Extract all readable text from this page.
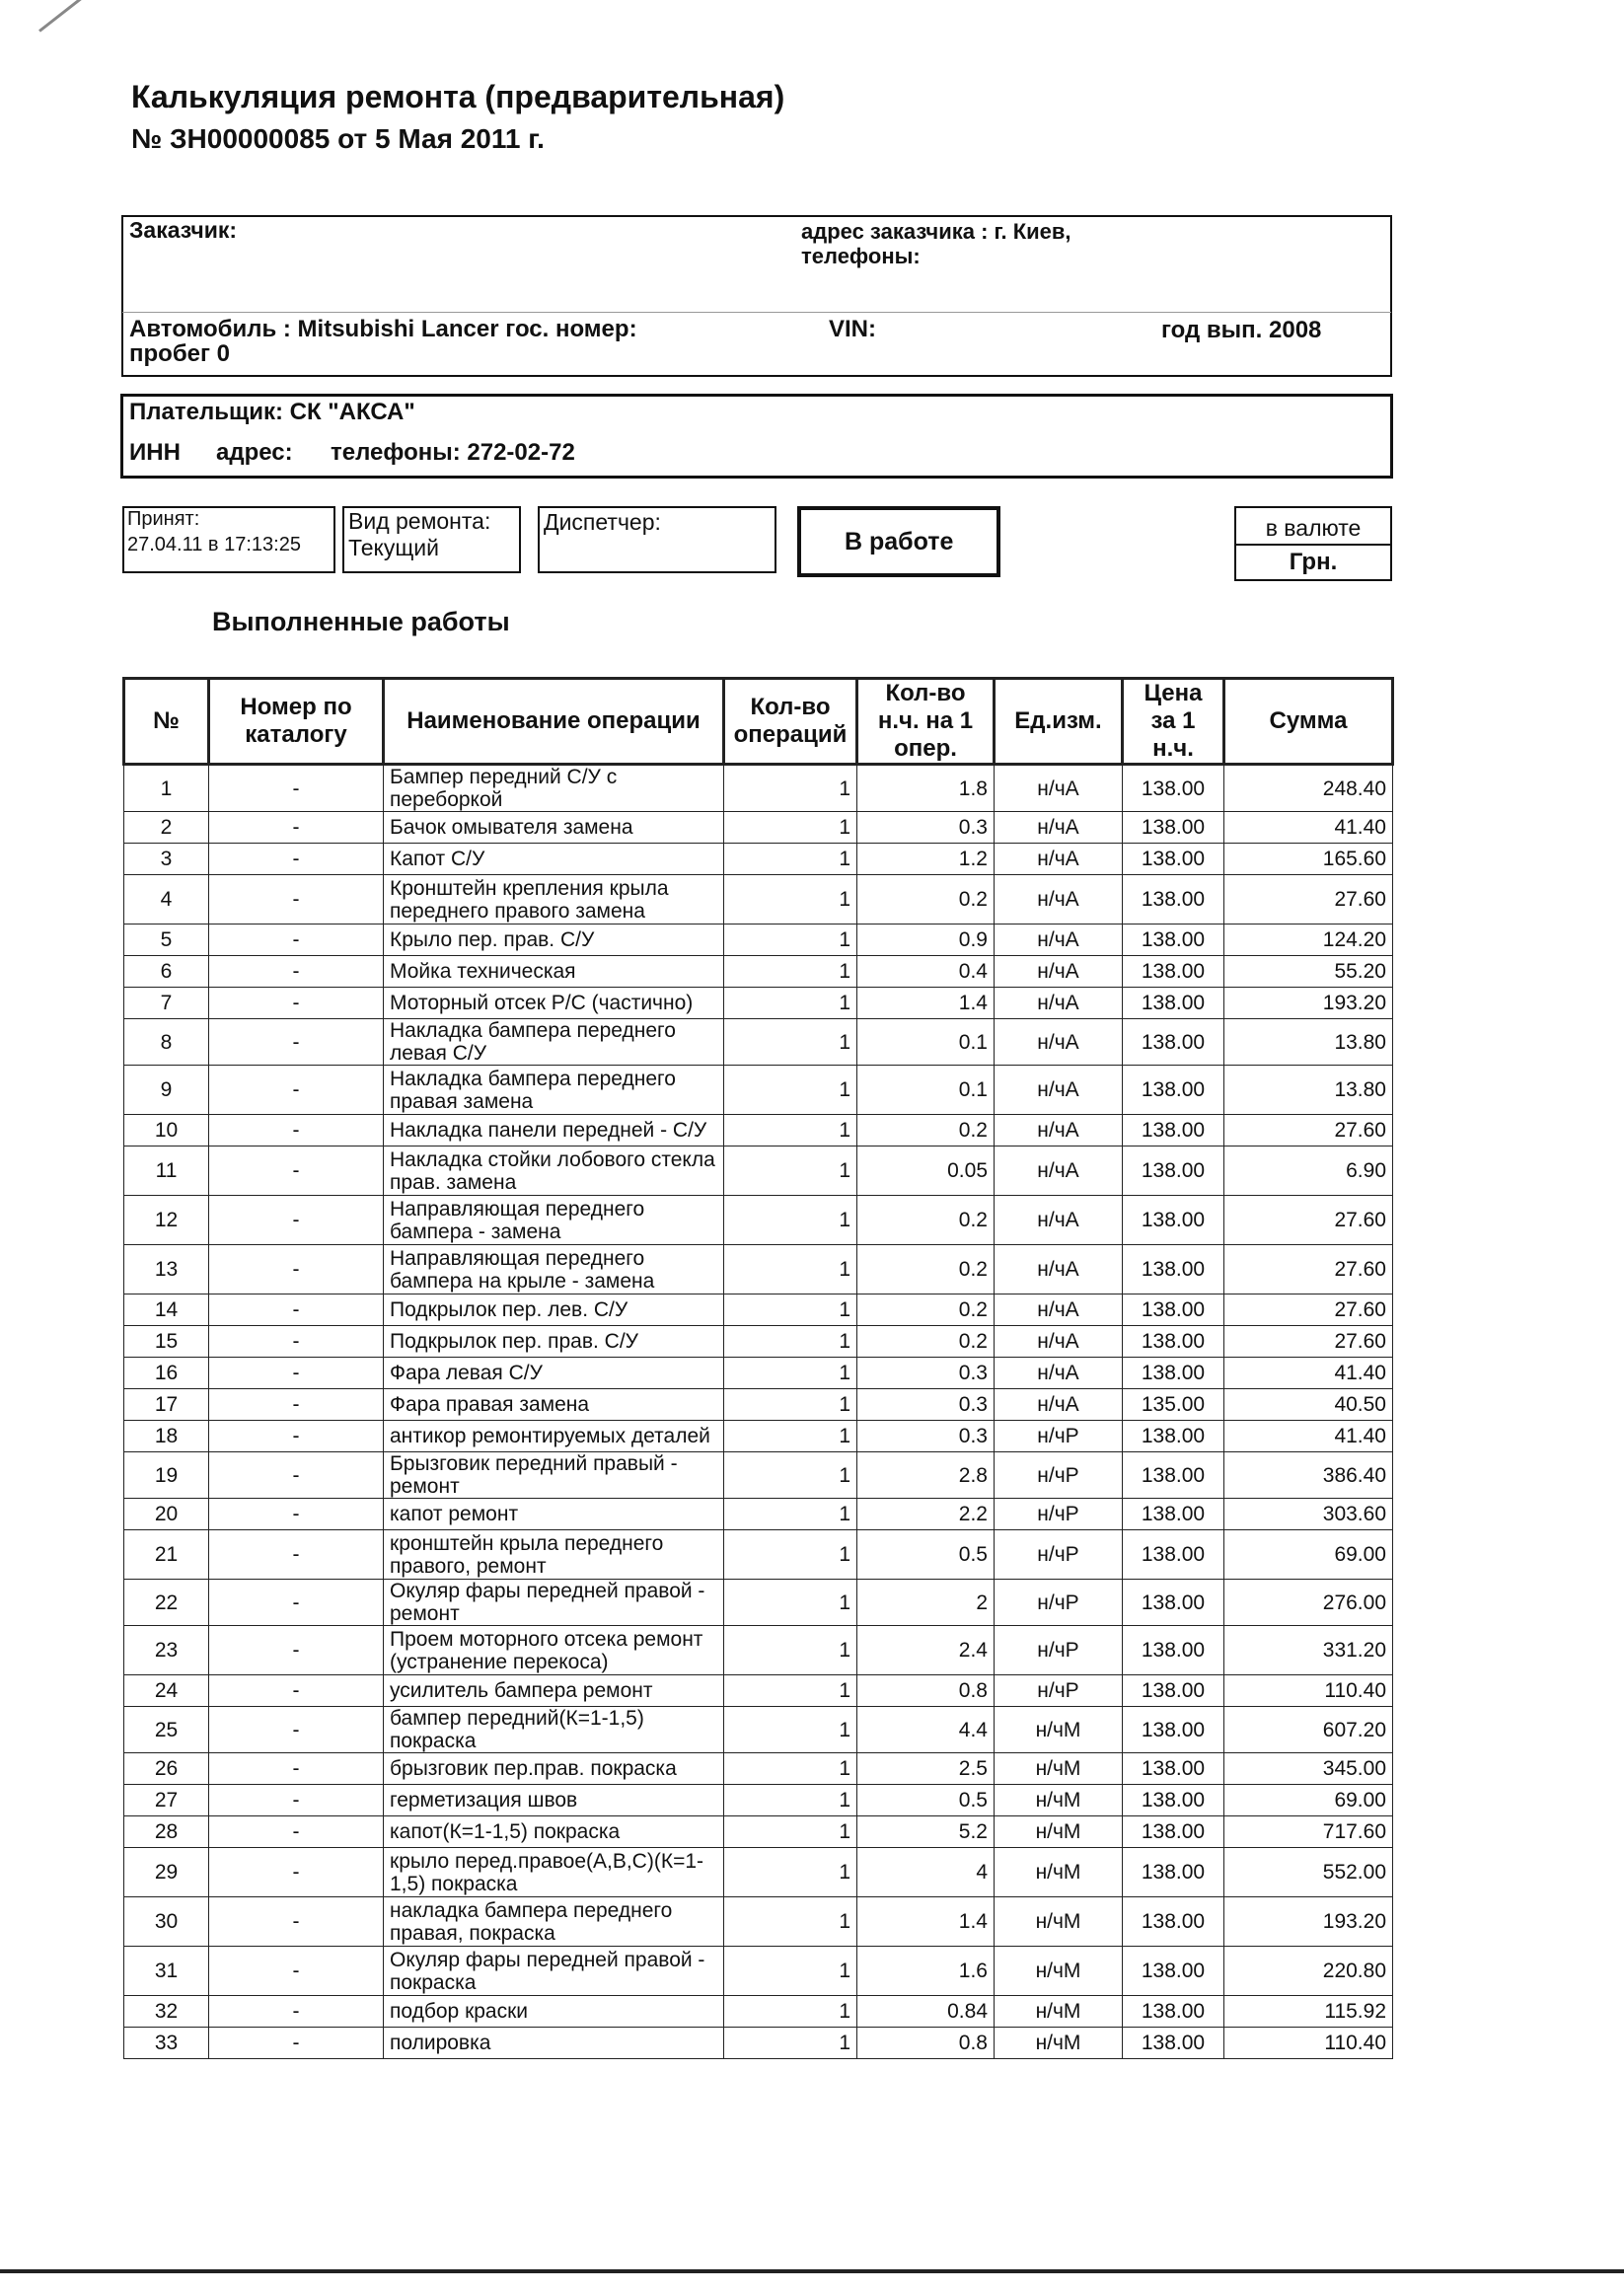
Калькуляция ремонта (предварительная)
№ ЗН00000085 от 5 Мая 2011 г.
Заказчик:	адрес заказчика : г. Киев,
телефоны:
Автомобиль : Mitsubishi Lancer гос. номер:	VIN:	год вып. 2008
пробег 0
Плательщик: СК "АКСА"
ИНН адрес: телефоны: 272-02-72
Принят:
27.04.11 в 17:13:25
Вид ремонта:
Текущий
Диспетчер:
В работе	в валюте
Грн.
Выполненные работы
№	Номер по каталогу	Наименование операции	Кол-во операций	Кол-во н.ч. на 1 опер.	Ед.изм.	Цена за 1 н.ч.	Сумма
1	-	Бампер передний С/У с переборкой	1	1.8	н/чА	138.00	248.40
2	-	Бачок омывателя замена	1	0.3	н/чА	138.00	41.40
3	-	Капот С/У	1	1.2	н/чА	138.00	165.60
4	-	Кронштейн крепления крыла переднего правого замена	1	0.2	н/чА	138.00	27.60
5	-	Крыло пер. прав. С/У	1	0.9	н/чА	138.00	124.20
6	-	Мойка техническая	1	0.4	н/чА	138.00	55.20
7	-	Моторный отсек Р/С (частично)	1	1.4	н/чА	138.00	193.20
8	-	Накладка бампера переднего левая С/У	1	0.1	н/чА	138.00	13.80
9	-	Накладка бампера переднего правая замена	1	0.1	н/чА	138.00	13.80
10	-	Накладка панели передней - С/У	1	0.2	н/чА	138.00	27.60
11	-	Накладка стойки лобового стекла прав. замена	1	0.05	н/чА	138.00	6.90
12	-	Направляющая переднего бампера - замена	1	0.2	н/чА	138.00	27.60
13	-	Направляющая переднего бампера на крыле - замена	1	0.2	н/чА	138.00	27.60
14	-	Подкрылок пер. лев. С/У	1	0.2	н/чА	138.00	27.60
15	-	Подкрылок пер. прав. С/У	1	0.2	н/чА	138.00	27.60
16	-	Фара левая С/У	1	0.3	н/чА	138.00	41.40
17	-	Фара правая замена	1	0.3	н/чА	135.00	40.50
18	-	антикор ремонтируемых деталей	1	0.3	н/чР	138.00	41.40
19	-	Брызговик передний правый - ремонт	1	2.8	н/чР	138.00	386.40
20	-	капот ремонт	1	2.2	н/чР	138.00	303.60
21	-	кронштейн крыла переднего правого, ремонт	1	0.5	н/чР	138.00	69.00
22	-	Окуляр фары передней правой - ремонт	1	2	н/чР	138.00	276.00
23	-	Проем моторного отсека ремонт (устранение перекоса)	1	2.4	н/чР	138.00	331.20
24	-	усилитель бампера ремонт	1	0.8	н/чР	138.00	110.40
25	-	бампер передний(К=1-1,5) покраска	1	4.4	н/чМ	138.00	607.20
26	-	брызговик пер.прав. покраска	1	2.5	н/чМ	138.00	345.00
27	-	герметизация швов	1	0.5	н/чМ	138.00	69.00
28	-	капот(К=1-1,5) покраска	1	5.2	н/чМ	138.00	717.60
29	-	крыло перед.правое(А,В,С)(К=1-1,5) покраска	1	4	н/чМ	138.00	552.00
30	-	накладка бампера переднего правая, покраска	1	1.4	н/чМ	138.00	193.20
31	-	Окуляр фары передней правой - покраска	1	1.6	н/чМ	138.00	220.80
32	-	подбор краски	1	0.84	н/чМ	138.00	115.92
33	-	полировка	1	0.8	н/чМ	138.00	110.40
